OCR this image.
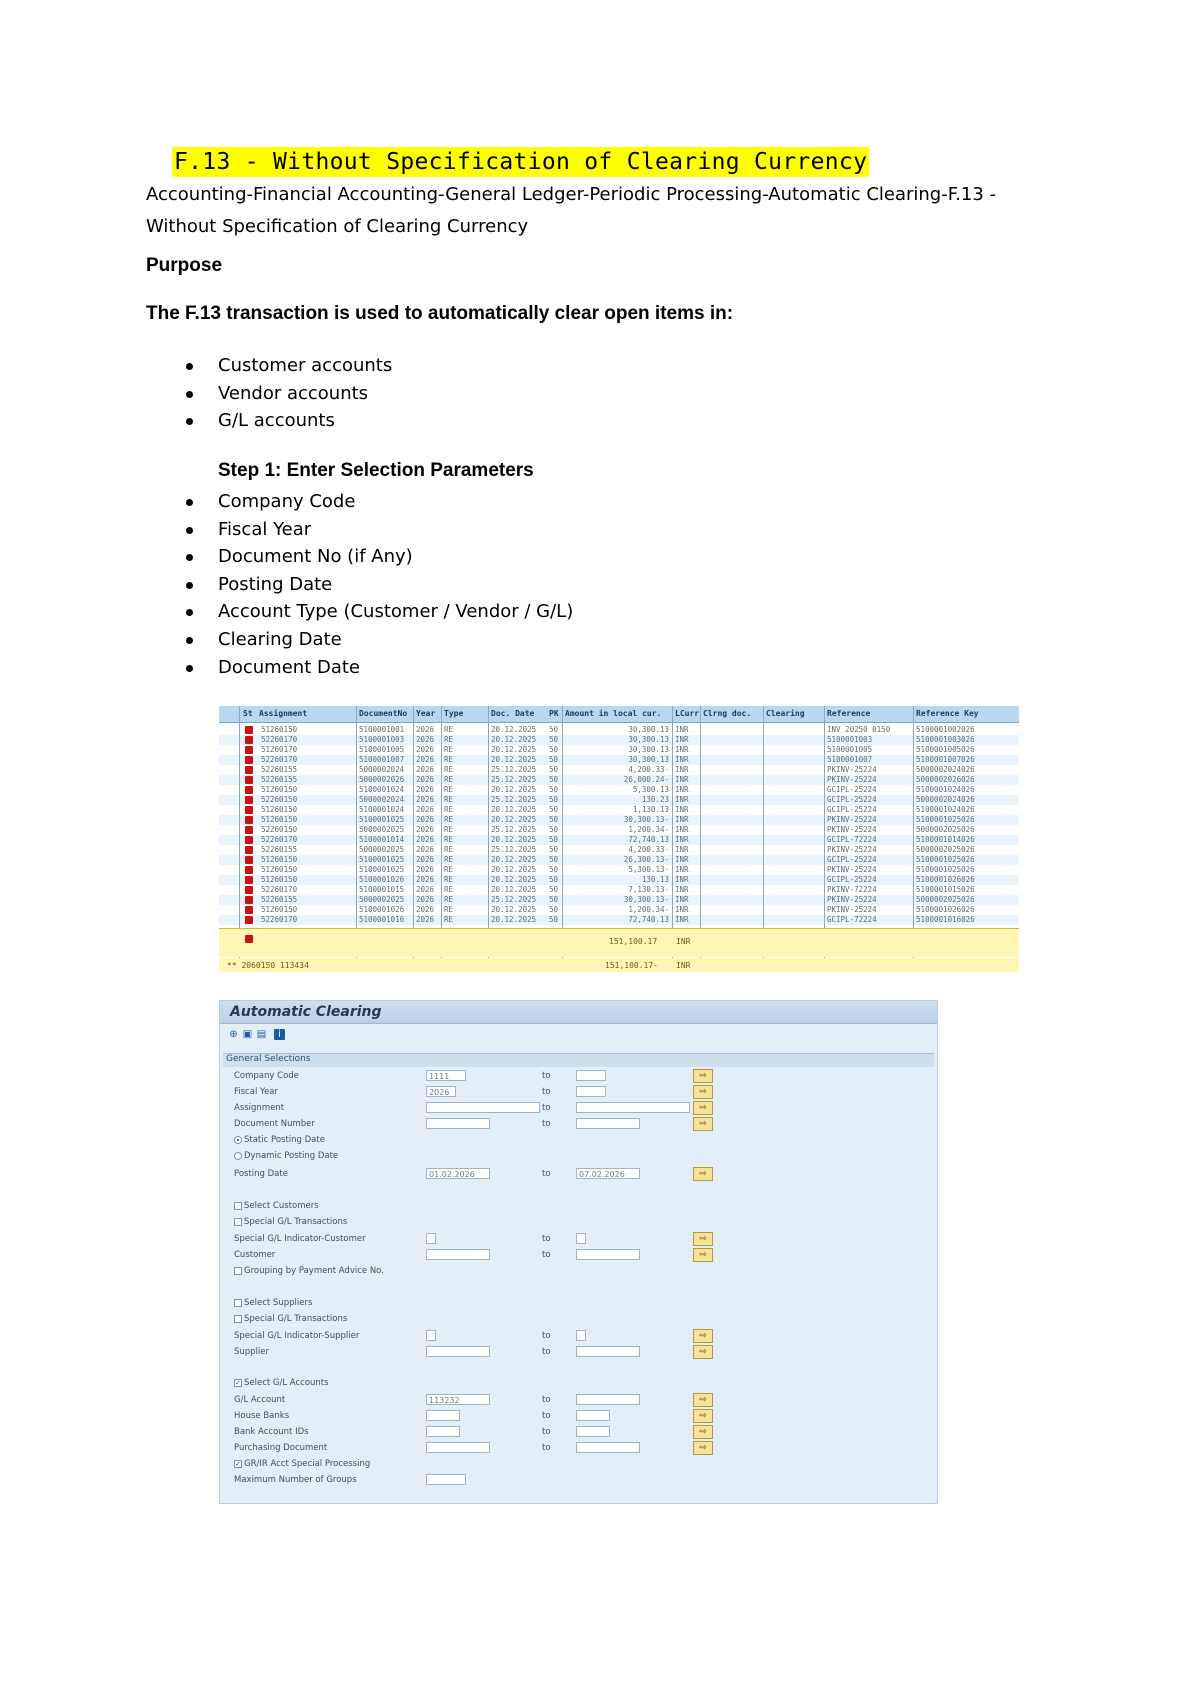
F.13 - Without Specification of Clearing Currency
Accounting-Financial Accounting-General Ledger-Periodic Processing-Automatic Clearing-F.13 - Without Specification of Clearing Currency
Purpose
The F.13 transaction is used to automatically clear open items in:
Customer accounts
Vendor accounts
G/L accounts
Step 1: Enter Selection Parameters
Company Code
Fiscal Year
Document No (if Any)
Posting Date
Account Type (Customer / Vendor / G/L)
Clearing Date
Document Date
St Assignment	DocumentNo Year Type	Doc. Date PK Amount in local cur. LCurr Clrng doc. Clearing	Reference	Reference Key
51260150	5100001001 2026 RE	20.12.2025 50	30,300.13 INR	INV 20250 0150	5100001002026
52260170	5100001003 2026 RE	20.12.2025 50	30,300.13 INR	5100001003	5100001003026
51260170	5100001005 2026 RE	20.12.2025 50	30,300.13 INR	5100001005	5100001005026
52260170	5100001007 2026 RE	20.12.2025 50	30,300.13 INR	5100001007	5100001007026
52260155	5000002024 2026 RE	25.12.2025 50	4,200.33- INR	PKINV-25224	5000002024026
52260155	5000002026 2026 RE	25.12.2025 50	26,000.24- INR	PKINV-25224	5000002026026
51260150	5100001024 2026 RE	20.12.2025 50	5,300.13 INR	GCIPL-25224	5100001024026
52260150	5000002024 2026 RE	25.12.2025 50	130.23 INR	GCIPL-25224	5000002024026
51260150	5100001024 2026 RE	20.12.2025 50	1,130.13 INR	GCIPL-25224	5100001024026
51260150	5100001025 2026 RE	20.12.2025 50	30,300.13- INR	PKINV-25224	5100001025026
52260150	5000002025 2026 RE	25.12.2025 50	1,200.34- INR	PKINV-25224	5000002025026
52260170	5100001014 2026 RE	20.12.2025 50	72,740.13 INR	GCIPL-72224	5100001014026
52260155	5000002025 2026 RE	25.12.2025 50	4,200.33- INR	PKINV-25224	5000002025026
51260150	5100001025 2026 RE	20.12.2025 50	26,300.13- INR	GCIPL-25224	5100001025026
51260150	5100001025 2026 RE	20.12.2025 50	5,300.13- INR	PKINV-25224	5100001025026
51260150	5100001026 2026 RE	20.12.2025 50	130.13 INR	GCIPL-25224	5100001026026
52260170	5100001015 2026 RE	20.12.2025 50	7,130.13- INR	PKINV-72224	5100001015026
52260155	5000002025 2026 RE	25.12.2025 50	30,300.13- INR	PKINV-25224	5000002025026
51260150	5100001026 2026 RE	20.12.2025 50	1,200.34- INR	PKINV-25224	5100001026026
52260170	5100001016 2026 RE	20.12.2025 50	72,740.13 INR	GCIPL-72224	5100001016026
151,100.17 INR
** 2060150 113434	151,100.17- INR
Automatic Clearing
⊕ ▣ ▤	i
General Selections
Company Code	1111	to	⇨
Fiscal Year	2026	to	⇨
Assignment	to	⇨
Document Number	to	⇨
Static Posting Date
Dynamic Posting Date
Posting Date	01.02.2026	to	07.02.2026	⇨
Select Customers
Special G/L Transactions
Special G/L Indicator-Customer	to	⇨
Customer	to	⇨
Grouping by Payment Advice No.
Select Suppliers
Special G/L Transactions
Special G/L Indicator-Supplier	to	⇨
Supplier	to	⇨
✓ Select G/L Accounts
G/L Account	113232	to	⇨
House Banks	to	⇨
Bank Account IDs	to	⇨
Purchasing Document	to	⇨
✓ GR/IR Acct Special Processing
Maximum Number of Groups
